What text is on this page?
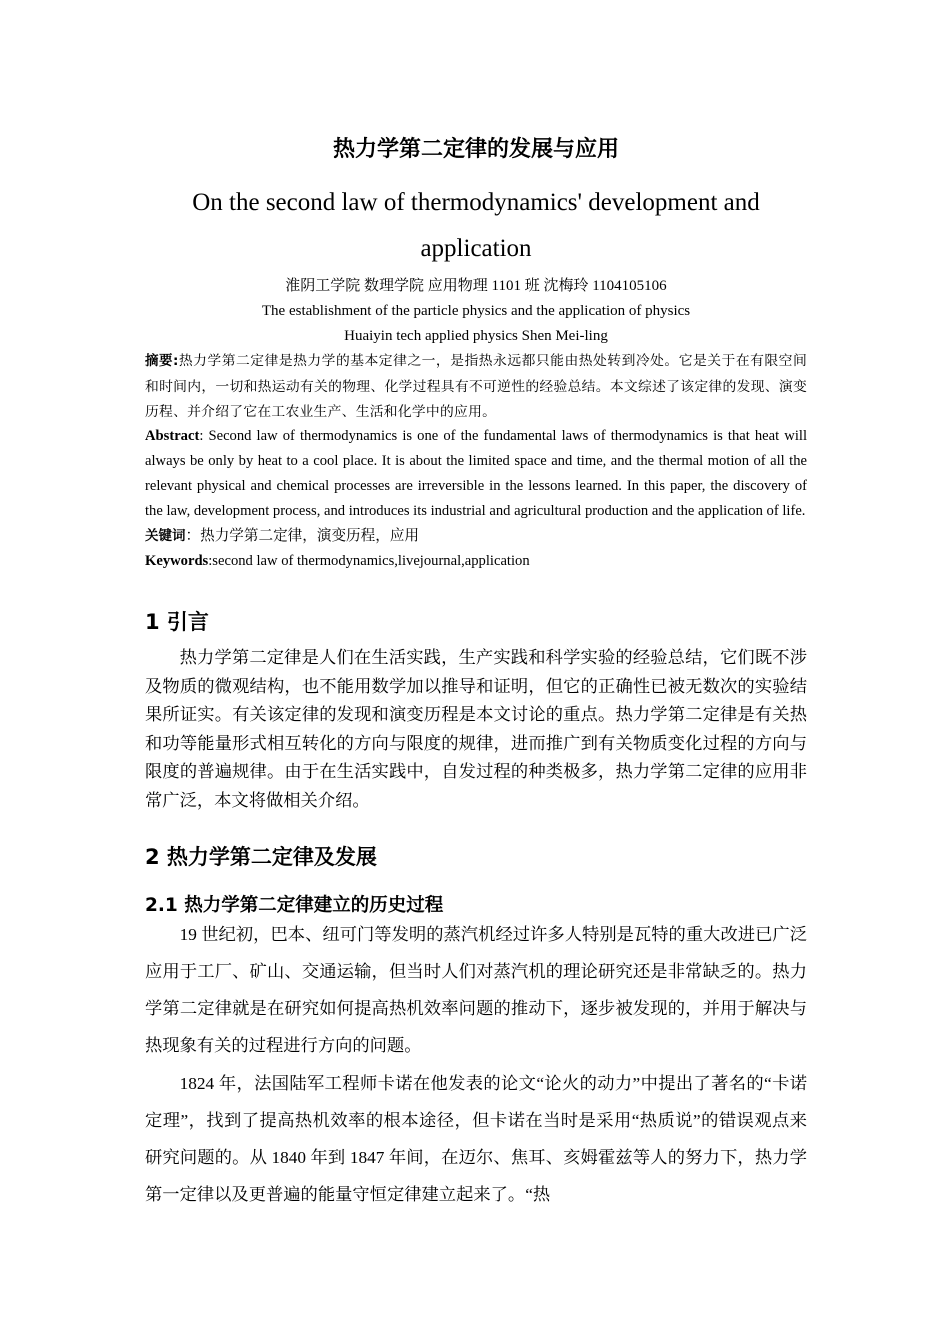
热力学第二定律的发展与应用
On the second law of thermodynamics' development and
application
淮阴工学院 数理学院 应用物理 1101 班 沈梅玲 1104105106
The establishment of the particle physics and the application of physics
Huaiyin tech applied physics Shen Mei-ling

摘要:热力学第二定律是热力学的基本定律之一，是指热永远都只能由热处转到冷处。它是关于在有限空间和时间内，一切和热运动有关的物理、化学过程具有不可逆性的经验总结。本文综述了该定律的发现、演变历程、并介绍了它在工农业生产、生活和化学中的应用。

Abstract: Second law of thermodynamics is one of the fundamental laws of thermodynamics is that heat will always be only by heat to a cool place. It is about the limited space and time, and the thermal motion of all the relevant physical and chemical processes are irreversible in the lessons learned. In this paper, the discovery of the law, development process, and introduces its industrial and agricultural production and the application of life.

关键词：热力学第二定律，演变历程，应用

Keywords:second law of thermodynamics,livejournal,application

1 引言

热力学第二定律是人们在生活实践，生产实践和科学实验的经验总结，它们既不涉及物质的微观结构，也不能用数学加以推导和证明，但它的正确性已被无数次的实验结果所证实。有关该定律的发现和演变历程是本文讨论的重点。热力学第二定律是有关热和功等能量形式相互转化的方向与限度的规律，进而推广到有关物质变化过程的方向与限度的普遍规律。由于在生活实践中，自发过程的种类极多，热力学第二定律的应用非常广泛，本文将做相关介绍。

2 热力学第二定律及发展
2.1 热力学第二定律建立的历史过程

19 世纪初，巴本、纽可门等发明的蒸汽机经过许多人特别是瓦特的重大改进已广泛应用于工厂、矿山、交通运输，但当时人们对蒸汽机的理论研究还是非常缺乏的。热力学第二定律就是在研究如何提高热机效率问题的推动下，逐步被发现的，并用于解决与热现象有关的过程进行方向的问题。

1824 年，法国陆军工程师卡诺在他发表的论文“论火的动力”中提出了著名的“卡诺定理”，找到了提高热机效率的根本途径，但卡诺在当时是采用“热质说”的错误观点来研究问题的。从 1840 年到 1847 年间，在迈尔、焦耳、亥姆霍兹等人的努力下，热力学第一定律以及更普遍的能量守恒定律建立起来了。“热
